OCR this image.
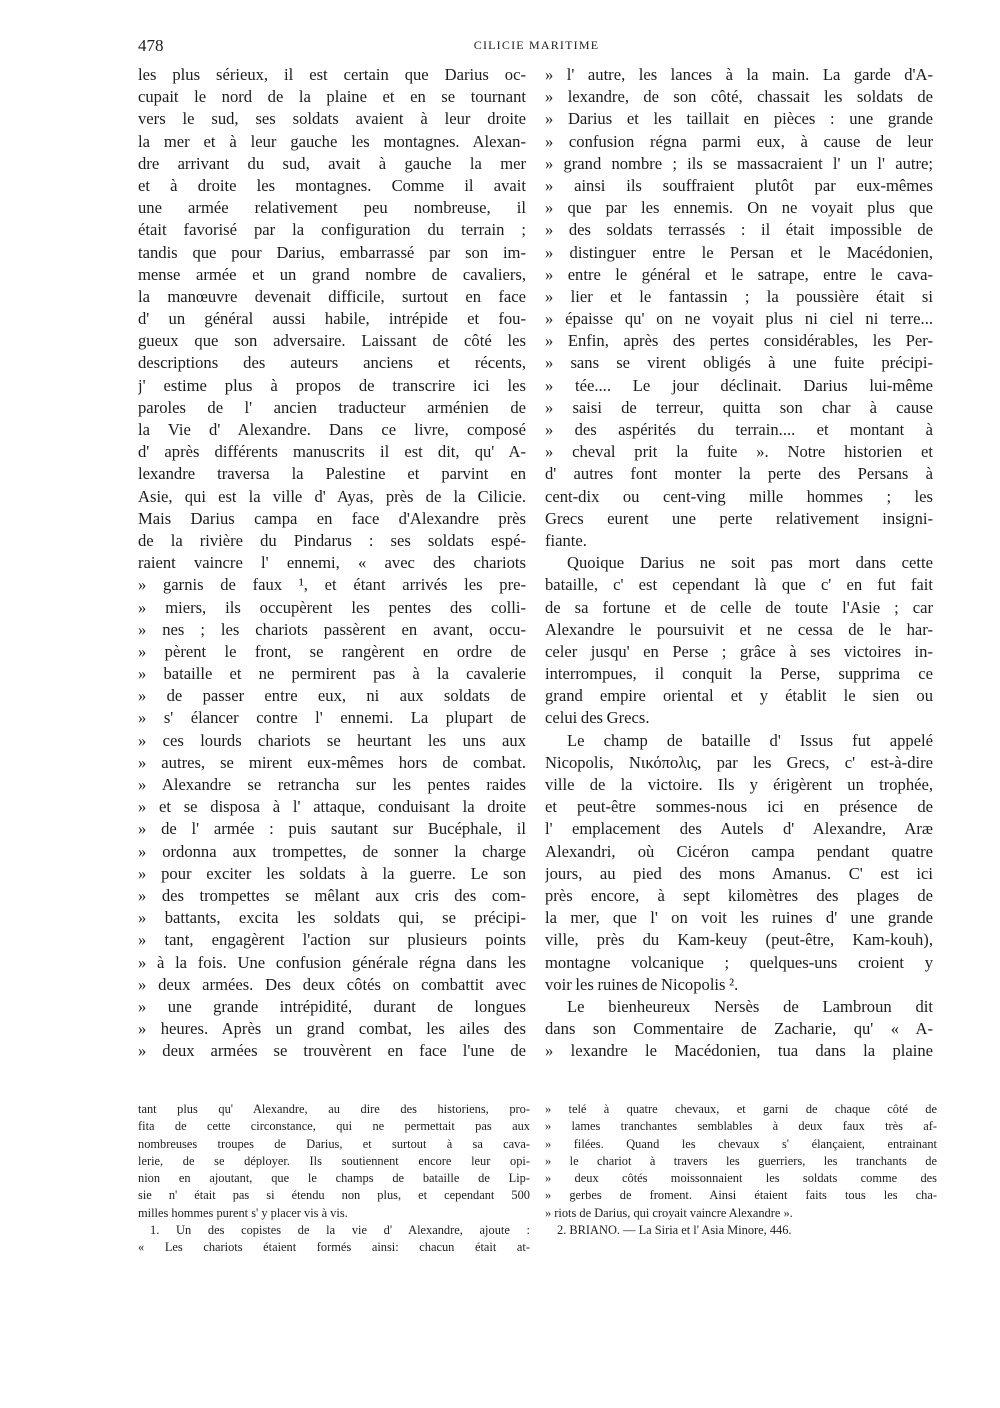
478	CILICIE MARITIME
les plus sérieux, il est certain que Darius oc-
cupait le nord de la plaine et en se tournant
vers le sud, ses soldats avaient à leur droite
la mer et à leur gauche les montagnes. Alexan-
dre arrivant du sud, avait à gauche la mer
et à droite les montagnes. Comme il avait
une armée relativement peu nombreuse, il
était favorisé par la configuration du terrain ;
tandis que pour Darius, embarrassé par son im-
mense armée et un grand nombre de cavaliers,
la manœuvre devenait difficile, surtout en face
d' un général aussi habile, intrépide et fou-
gueux que son adversaire. Laissant de côté les
descriptions des auteurs anciens et récents,
j' estime plus à propos de transcrire ici les
paroles de l' ancien traducteur arménien de
la Vie d' Alexandre. Dans ce livre, composé
d' après différents manuscrits il est dit, qu' A-
lexandre traversa la Palestine et parvint en
Asie, qui est la ville d' Ayas, près de la Cilicie.
Mais Darius campa en face d'Alexandre près
de la rivière du Pindarus : ses soldats espé-
raient vaincre l' ennemi, « avec des chariots
» garnis de faux ¹, et étant arrivés les pre-
» miers, ils occupèrent les pentes des colli-
» nes ; les chariots passèrent en avant, occu-
» pèrent le front, se rangèrent en ordre de
» bataille et ne permirent pas à la cavalerie
» de passer entre eux, ni aux soldats de
» s' élancer contre l' ennemi. La plupart de
» ces lourds chariots se heurtant les uns aux
» autres, se mirent eux-mêmes hors de combat.
» Alexandre se retrancha sur les pentes raides
» et se disposa à l' attaque, conduisant la droite
» de l' armée : puis sautant sur Bucéphale, il
» ordonna aux trompettes, de sonner la charge
» pour exciter les soldats à la guerre. Le son
» des trompettes se mêlant aux cris des com-
» battants, excita les soldats qui, se précipi-
» tant, engagèrent l'action sur plusieurs points
» à la fois. Une confusion générale régna dans les
» deux armées. Des deux côtés on combattit avec
» une grande intrépidité, durant de longues
» heures. Après un grand combat, les ailes des
» deux armées se trouvèrent en face l'une de
» l' autre, les lances à la main. La garde d'A-
» lexandre, de son côté, chassait les soldats de
» Darius et les taillait en pièces : une grande
» confusion régna parmi eux, à cause de leur
» grand nombre ; ils se massacraient l' un l' autre;
» ainsi ils souffraient plutôt par eux-mêmes
» que par les ennemis. On ne voyait plus que
» des soldats terrassés : il était impossible de
» distinguer entre le Persan et le Macédonien,
» entre le général et le satrape, entre le cava-
» lier et le fantassin ; la poussière était si
» épaisse qu' on ne voyait plus ni ciel ni terre...
» Enfin, après des pertes considérables, les Per-
» sans se virent obligés à une fuite précipi-
» tée.... Le jour déclinait. Darius lui-même
» saisi de terreur, quitta son char à cause
» des aspérités du terrain.... et montant à
» cheval prit la fuite ». Notre historien et
d' autres font monter la perte des Persans à
cent-dix ou cent-ving mille hommes ; les
Grecs eurent une perte relativement insigni-
fiante.
Quoique Darius ne soit pas mort dans cette
bataille, c' est cependant là que c' en fut fait
de sa fortune et de celle de toute l'Asie ; car
Alexandre le poursuivit et ne cessa de le har-
celer jusqu' en Perse ; grâce à ses victoires in-
interrompues, il conquit la Perse, supprima ce
grand empire oriental et y établit le sien ou
celui des Grecs.
Le champ de bataille d' Issus fut appelé
Nicopolis, Νικόπολις, par les Grecs, c' est-à-dire
ville de la victoire. Ils y érigèrent un trophée,
et peut-être sommes-nous ici en présence de
l' emplacement des Autels d' Alexandre, Aræ
Alexandri, où Cicéron campa pendant quatre
jours, au pied des mons Amanus. C' est ici
près encore, à sept kilomètres des plages de
la mer, que l' on voit les ruines d' une grande
ville, près du Kam-keuy (peut-être, Kam-kouh),
montagne volcanique ; quelques-uns croient y
voir les ruines de Nicopolis ².
Le bienheureux Nersès de Lambroun dit
dans son Commentaire de Zacharie, qu' « A-
» lexandre le Macédonien, tua dans la plaine
tant plus qu' Alexandre, au dire des historiens, pro-
fita de cette circonstance, qui ne permettait pas aux
nombreuses troupes de Darius, et surtout à sa cava-
lerie, de se déployer. Ils soutiennent encore leur opi-
nion en ajoutant, que le champs de bataille de Lip-
sie n' était pas si étendu non plus, et cependant 500
milles hommes purent s' y placer vis à vis.
1. Un des copistes de la vie d' Alexandre, ajoute :
« Les chariots étaient formés ainsi: chacun était at-
» telé à quatre chevaux, et garni de chaque côté de
» lames tranchantes semblables à deux faux très af-
» filées. Quand les chevaux s' élançaient, entrainant
» le chariot à travers les guerriers, les tranchants de
» deux côtés moissonnaient les soldats comme des
» gerbes de froment. Ainsi étaient faits tous les cha-
» riots de Darius, qui croyait vaincre Alexandre ».
2. BRIANO. — La Siria et l' Asia Minore, 446.
